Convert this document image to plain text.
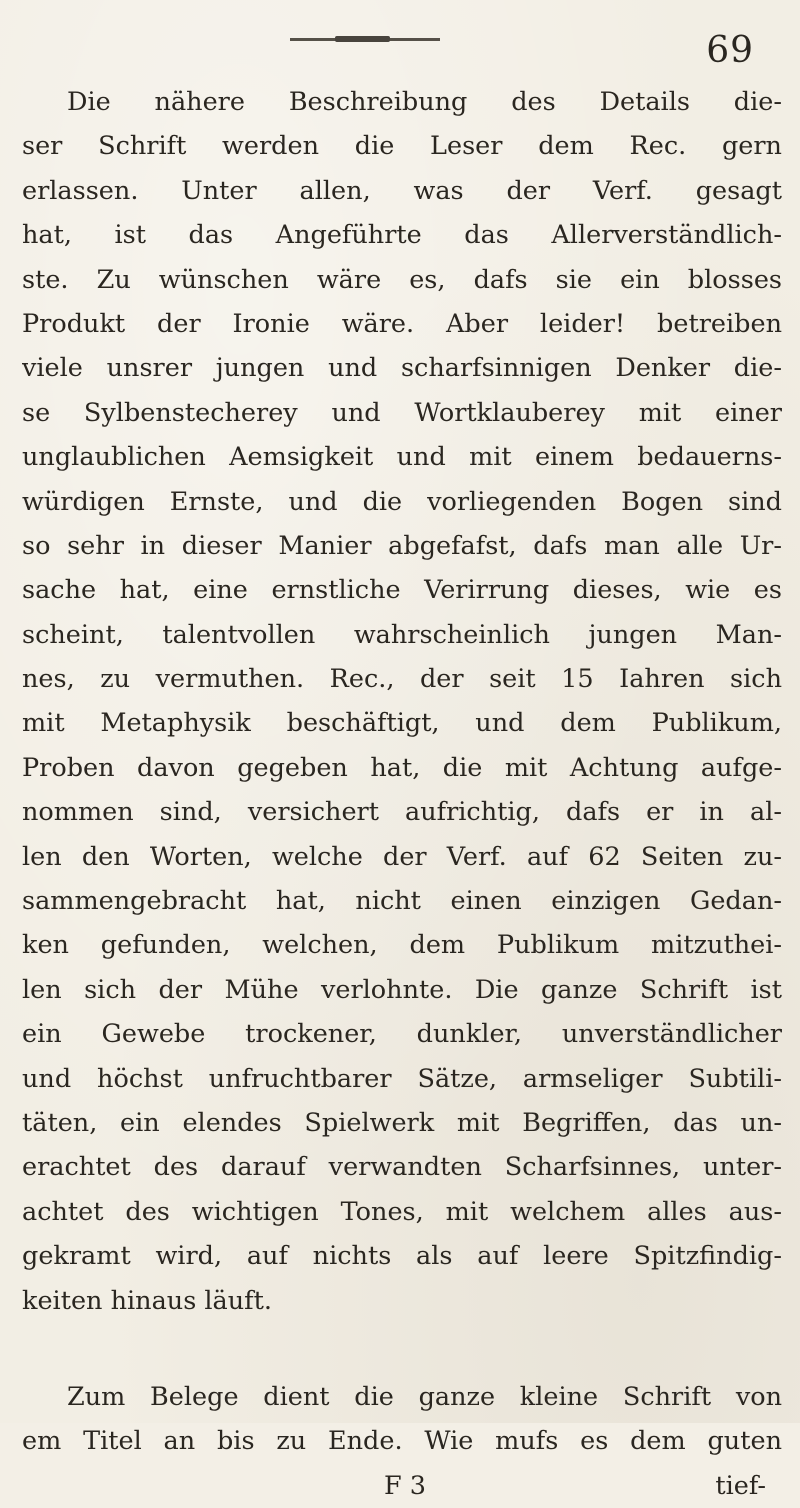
69
Die nähere Beschreibung des Details die-
ser Schrift werden die Leser dem Rec. gern
erlassen. Unter allen, was der Verf. gesagt
hat, ist das Angeführte das Allerverständlich-
ste. Zu wünschen wäre es, dafs sie ein blosses
Produkt der Ironie wäre. Aber leider! betreiben
viele unsrer jungen und scharfsinnigen Denker die-
se Sylbenstecherey und Wortklauberey mit einer
unglaublichen Aemsigkeit und mit einem bedauerns-
würdigen Ernste, und die vorliegenden Bogen sind
so sehr in dieser Manier abgefafst, dafs man alle Ur-
sache hat, eine ernstliche Verirrung dieses, wie es
scheint, talentvollen wahrscheinlich jungen Man-
nes, zu vermuthen. Rec., der seit 15 Iahren sich
mit Metaphysik beschäftigt, und dem Publikum,
Proben davon gegeben hat, die mit Achtung aufge-
nommen sind, versichert aufrichtig, dafs er in al-
len den Worten, welche der Verf. auf 62 Seiten zu-
sammengebracht hat, nicht einen einzigen Gedan-
ken gefunden, welchen, dem Publikum mitzuthei-
len sich der Mühe verlohnte. Die ganze Schrift ist
ein Gewebe trockener, dunkler, unverständlicher
und höchst unfruchtbarer Sätze, armseliger Subtili-
täten, ein elendes Spielwerk mit Begriffen, das un-
erachtet des darauf verwandten Scharfsinnes, unter-
achtet des wichtigen Tones, mit welchem alles aus-
gekramt wird, auf nichts als auf leere Spitzfindig-
keiten hinaus läuft.
Zum Belege dient die ganze kleine Schrift von
em Titel an bis zu Ende. Wie mufs es dem guten
F 3	tief-
